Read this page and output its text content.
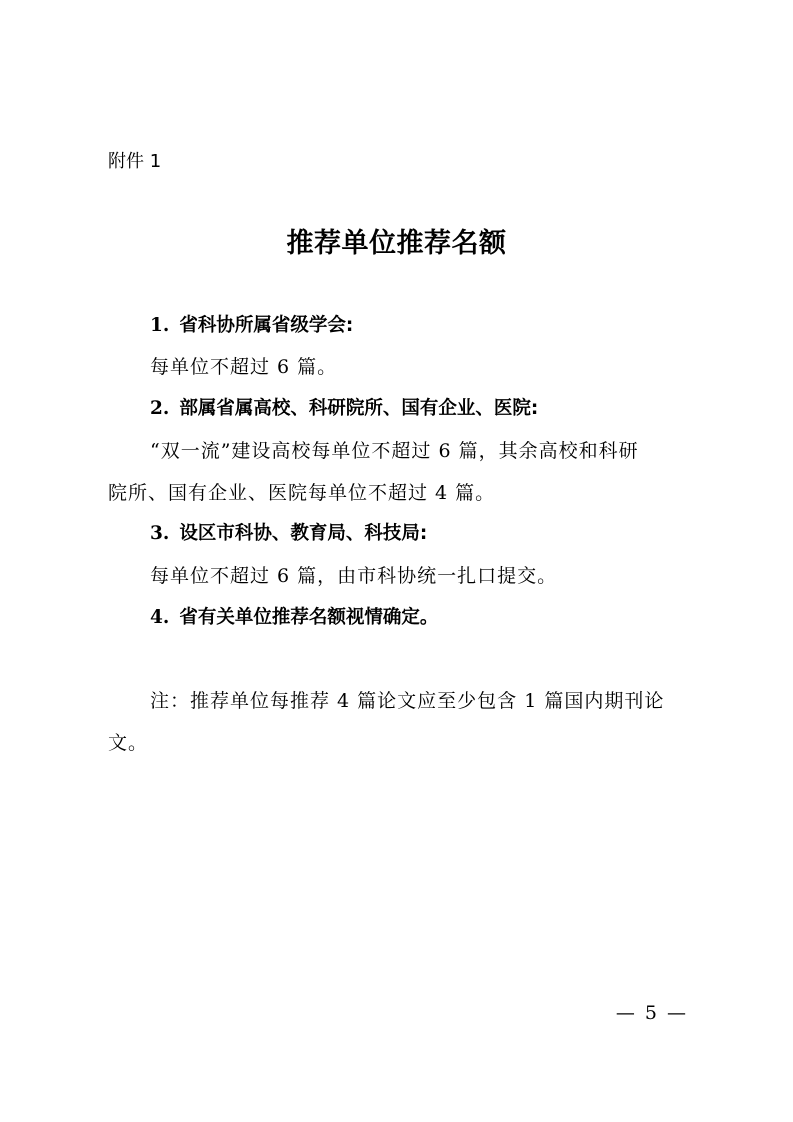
附件 1
推荐单位推荐名额
1. 省科协所属省级学会:
每单位不超过 6 篇。
2. 部属省属高校、科研院所、国有企业、医院:
“双一流”建设高校每单位不超过 6 篇，其余高校和科研
院所、国有企业、医院每单位不超过 4 篇。
3. 设区市科协、教育局、科技局:
每单位不超过 6 篇，由市科协统一扎口提交。
4. 省有关单位推荐名额视情确定。
注：推荐单位每推荐 4 篇论文应至少包含 1 篇国内期刊论
文。
— 5 —
